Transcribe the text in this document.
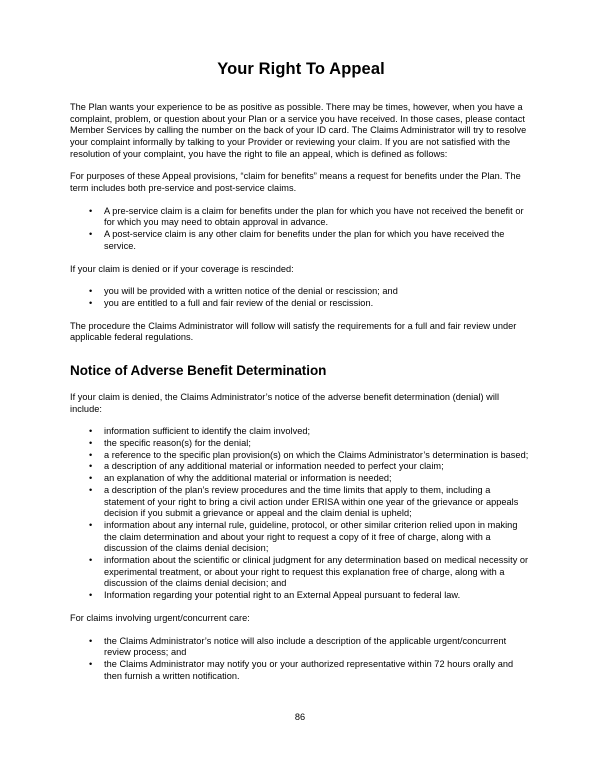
Your Right To Appeal

The Plan wants your experience to be as positive as possible. There may be times, however, when you have a complaint, problem, or question about your Plan or a service you have received. In those cases, please contact Member Services by calling the number on the back of your ID card. The Claims Administrator will try to resolve your complaint informally by talking to your Provider or reviewing your claim. If you are not satisfied with the resolution of your complaint, you have the right to file an appeal, which is defined as follows:

For purposes of these Appeal provisions, “claim for benefits” means a request for benefits under the Plan. The term includes both pre-service and post-service claims.

• A pre-service claim is a claim for benefits under the plan for which you have not received the benefit or for which you may need to obtain approval in advance.
• A post-service claim is any other claim for benefits under the plan for which you have received the service.

If your claim is denied or if your coverage is rescinded:

• you will be provided with a written notice of the denial or rescission; and
• you are entitled to a full and fair review of the denial or rescission.

The procedure the Claims Administrator will follow will satisfy the requirements for a full and fair review under applicable federal regulations.

Notice of Adverse Benefit Determination

If your claim is denied, the Claims Administrator’s notice of the adverse benefit determination (denial) will include:

• information sufficient to identify the claim involved;
• the specific reason(s) for the denial;
• a reference to the specific plan provision(s) on which the Claims Administrator’s determination is based;
• a description of any additional material or information needed to perfect your claim;
• an explanation of why the additional material or information is needed;
• a description of the plan’s review procedures and the time limits that apply to them, including a statement of your right to bring a civil action under ERISA within one year of the grievance or appeals decision if you submit a grievance or appeal and the claim denial is upheld;
• information about any internal rule, guideline, protocol, or other similar criterion relied upon in making the claim determination and about your right to request a copy of it free of charge, along with a discussion of the claims denial decision;
• information about the scientific or clinical judgment for any determination based on medical necessity or experimental treatment, or about your right to request this explanation free of charge, along with a discussion of the claims denial decision; and
• Information regarding your potential right to an External Appeal pursuant to federal law.

For claims involving urgent/concurrent care:

• the Claims Administrator’s notice will also include a description of the applicable urgent/concurrent review process; and
• the Claims Administrator may notify you or your authorized representative within 72 hours orally and then furnish a written notification.
86
